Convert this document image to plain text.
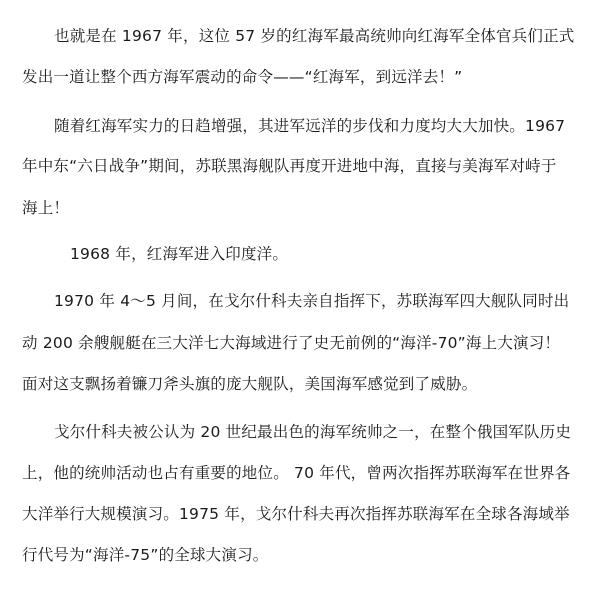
也就是在 1967 年，这位 57 岁的红海军最高统帅向红海军全体官兵们正式
发出一道让整个西方海军震动的命令——“红海军，到远洋去！”
随着红海军实力的日趋增强，其进军远洋的步伐和力度均大大加快。1967
年中东“六日战争”期间，苏联黑海舰队再度开进地中海，直接与美海军对峙于
海上！
1968 年，红海军进入印度洋。
1970 年 4～5 月间，在戈尔什科夫亲自指挥下，苏联海军四大舰队同时出
动 200 余艘舰艇在三大洋七大海域进行了史无前例的“海洋-70”海上大演习！
面对这支飘扬着镰刀斧头旗的庞大舰队，美国海军感觉到了威胁。
戈尔什科夫被公认为 20 世纪最出色的海军统帅之一，在整个俄国军队历史
上，他的统帅活动也占有重要的地位。 70 年代，曾两次指挥苏联海军在世界各
大洋举行大规模演习。1975 年，戈尔什科夫再次指挥苏联海军在全球各海域举
行代号为“海洋-75”的全球大演习。
